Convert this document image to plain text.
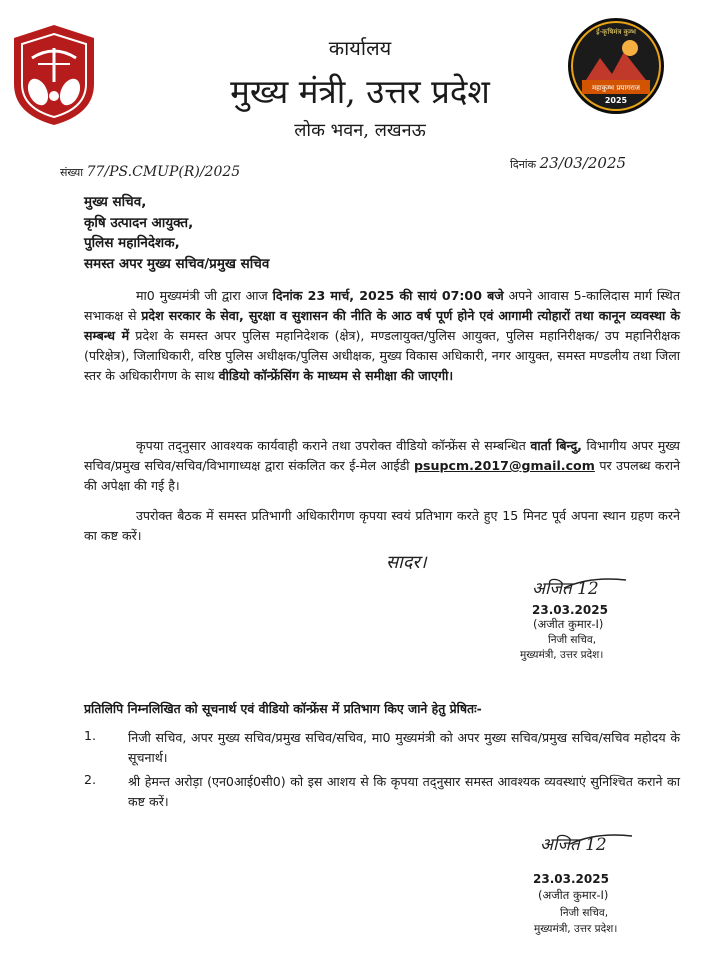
कार्यालय
मुख्य मंत्री, उत्तर प्रदेश
लोक भवन, लखनऊ
ई-कृषिमंत्र कुम्भ
महाकुम्भ प्रयागराज
2025
संख्या 77/PS.CMUP(R)/2025	दिनांक 23/03/2025
मुख्य सचिव,
कृषि उत्पादन आयुक्त,
पुलिस महानिदेशक,
समस्त अपर मुख्य सचिव/प्रमुख सचिव
मा0 मुख्यमंत्री जी द्वारा आज दिनांक 23 मार्च, 2025 की सायं 07:00 बजे अपने आवास 5-कालिदास मार्ग स्थित सभाकक्ष से प्रदेश सरकार के सेवा, सुरक्षा व सुशासन की नीति के आठ वर्ष पूर्ण होने एवं आगामी त्योहारों तथा कानून व्यवस्था के सम्बन्ध में प्रदेश के समस्त अपर पुलिस महानिदेशक (क्षेत्र), मण्डलायुक्त/पुलिस आयुक्त, पुलिस महानिरीक्षक/ उप महानिरीक्षक (परिक्षेत्र), जिलाधिकारी, वरिष्ठ पुलिस अधीक्षक/पुलिस अधीक्षक, मुख्य विकास अधिकारी, नगर आयुक्त, समस्त मण्डलीय तथा जिला स्तर के अधिकारीगण के साथ वीडियो कॉन्फ्रेंसिंग के माध्यम से समीक्षा की जाएगी।
कृपया तद्नुसार आवश्यक कार्यवाही कराने तथा उपरोक्त वीडियो कॉन्फ्रेंस से सम्बन्धित वार्ता बिन्दु, विभागीय अपर मुख्य सचिव/प्रमुख सचिव/सचिव/विभागाध्यक्ष द्वारा संकलित कर ई-मेल आईडी psupcm.2017@gmail.com पर उपलब्ध कराने की अपेक्षा की गई है।
उपरोक्त बैठक में समस्त प्रतिभागी अधिकारीगण कृपया स्वयं प्रतिभाग करते हुए 15 मिनट पूर्व अपना स्थान ग्रहण करने का कष्ट करें।
सादर।
अजित 12
23.03.2025
(अजीत कुमार-I)
निजी सचिव,
मुख्यमंत्री, उत्तर प्रदेश।
प्रतिलिपि निम्नलिखित को सूचनार्थ एवं वीडियो कॉन्फ्रेंस में प्रतिभाग किए जाने हेतु प्रेषितः-
1.	निजी सचिव, अपर मुख्य सचिव/प्रमुख सचिव/सचिव, मा0 मुख्यमंत्री को अपर मुख्य सचिव/प्रमुख सचिव/सचिव महोदय के सूचनार्थ।
2.	श्री हेमन्त अरोड़ा (एन0आई0सी0) को इस आशय से कि कृपया तद्नुसार समस्त आवश्यक व्यवस्थाएं सुनिश्चित कराने का कष्ट करें।
अजित 12
23.03.2025
(अजीत कुमार-I)
निजी सचिव,
मुख्यमंत्री, उत्तर प्रदेश।
